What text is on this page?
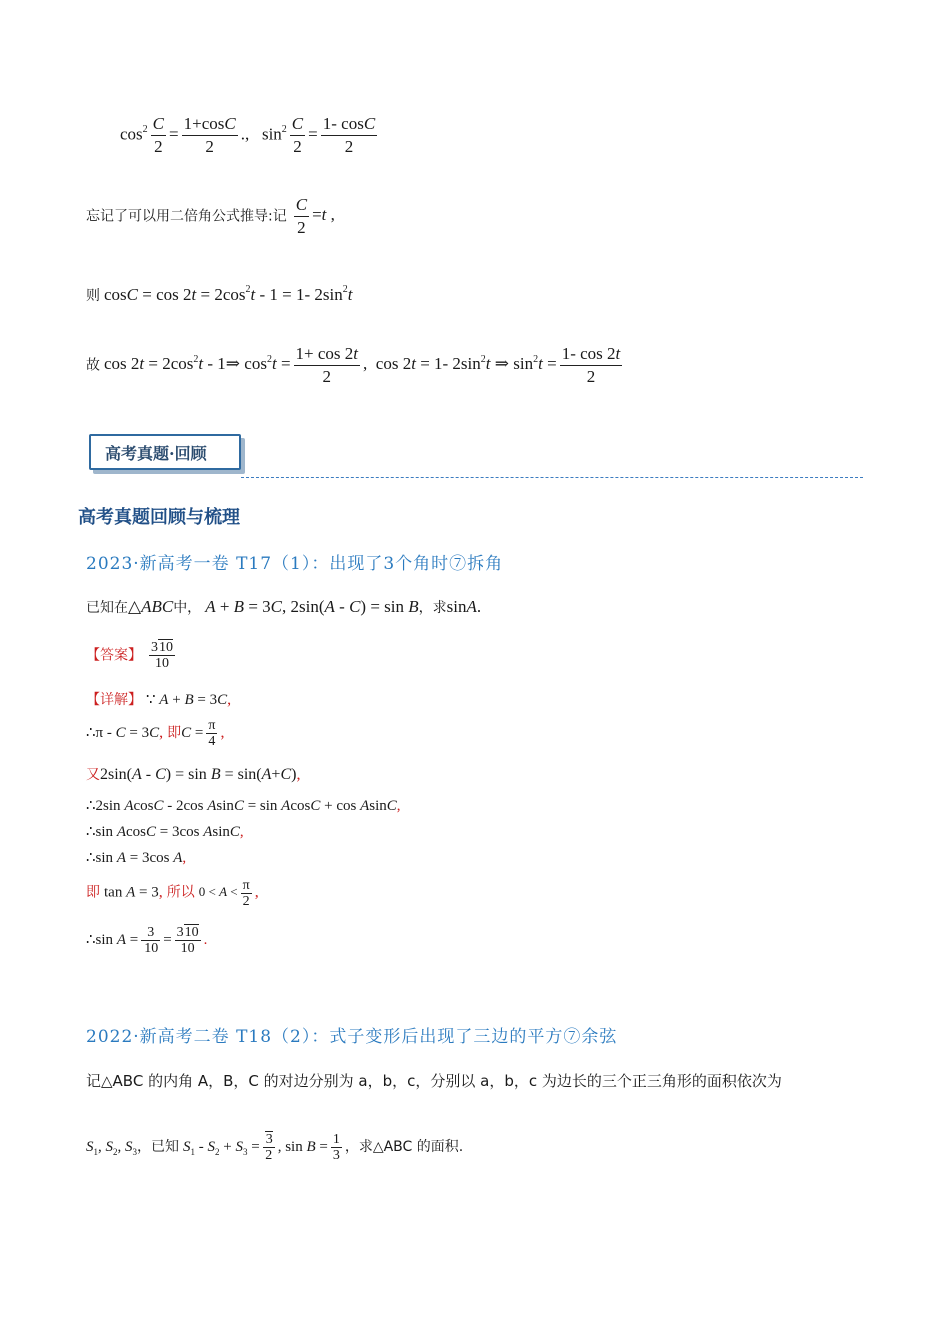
$\cos^2 \frac{C}{2} = \frac{1+\cos C}{2}$ .,   $\sin^2 \frac{C}{2} = \frac{1- \cos C}{2}$
忘记了可以用二倍角公式推导:记 $\frac{C}{2} =t$ ,
则 $\cos C = \cos 2t = 2\cos^2t - 1 = 1-$ $2\sin^2t$
故 $\cos 2t = 2\cos^2t$ - 1⇒ $\cos^2t = \frac{1+ \cos 2t}{2}$ ,  cos 2t = 1- $2\sin^2t$ ⇒ $\sin^2t = \frac{1- \cos 2t}{2}$
高考真题·回顾
高考真题回顾与梳理
2023·新高考一卷 T17（1）：出现了3个角时⑦拆角
已知在△ABC中， A + B = 3C, 2sin(A - C) = sin B，求sinA.
【答案】 $\frac{310}{10}$
【详解】 ∵ A + B = 3C,
∴π - C = 3C, 即$C = \frac{\pi}{4}$ ,
又2sin(A - C) = sin B = sin(A+C),
∴2sin AcosC - 2cos AsinC = sin AcosC + cos AsinC,
∴sin AcosC = 3cos AsinC,
∴sin A = 3cos A,
即 tan A = 3, 所以 $0 < A < \frac{\pi}{2}$ ,
∴sin $A = \frac{3}{10} = \frac{310}{10}$ .
2022·新高考二卷 T18（2）：式子变形后出现了三边的平方⑦余弦
记△ABC 的内角 A，B，C 的对边分别为 a，b，c，分别以 a，b，c 为边长的三个正三角形的面积依次为
$S_1$, $S_2$, $S_3$，已知 $S_1 - S_2 + S_3 = \frac{3}{2}$ , $\sin B = \frac{1}{3}$ ，求△ABC 的面积.
